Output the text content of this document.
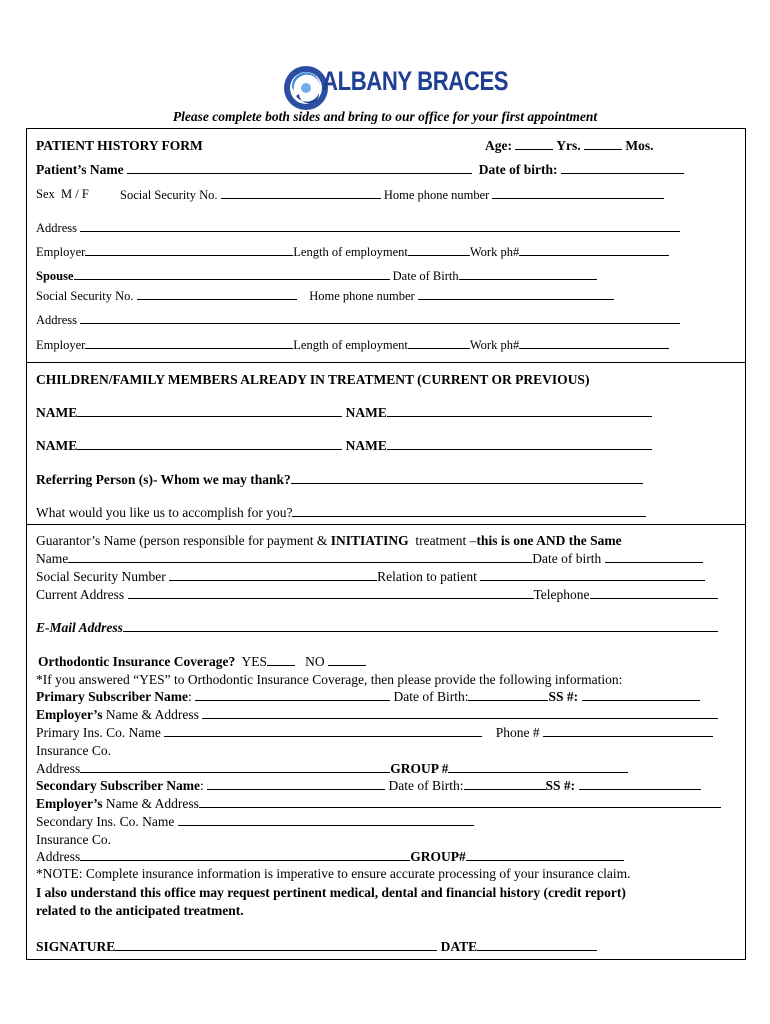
ALBANY BRACES
Please complete both sides and bring to our office for your first appointment
PATIENT HISTORY FORM	Age:	Yrs.	Mos.
Patient’s Name	Date of birth:
Sex  M / F Social Security No.	Home phone number
Address
Employer	Length of employment	Work ph#
Spouse	Date of Birth
Social Security No.	Home phone number
Address
Employer	Length of employment	Work ph#
CHILDREN/FAMILY MEMBERS ALREADY IN TREATMENT (CURRENT OR PREVIOUS)
NAME	NAME
NAME	NAME
Referring Person (s)- Whom we may thank?
What would you like us to accomplish for you?
Guarantor’s Name (person responsible for payment & INITIATING  treatment –this is one AND the Same
Name	Date of birth
Social Security Number	Relation to patient
Current Address	Telephone
E-Mail Address
Orthodontic Insurance Coverage? YES	NO
*If you answered “YES” to Orthodontic Insurance Coverage, then please provide the following information:
Primary Subscriber Name:	Date of Birth:	SS #:
Employer’s Name & Address
Primary Ins. Co. Name	Phone #
Insurance Co.
Address	GROUP #
Secondary Subscriber Name:	Date of Birth:	SS #:
Employer’s Name & Address
Secondary Ins. Co. Name
Insurance Co.
Address	GROUP#
*NOTE: Complete insurance information is imperative to ensure accurate processing of your insurance claim.
I also understand this office may request pertinent medical, dental and financial history (credit report)
related to the anticipated treatment.
SIGNATURE	DATE
